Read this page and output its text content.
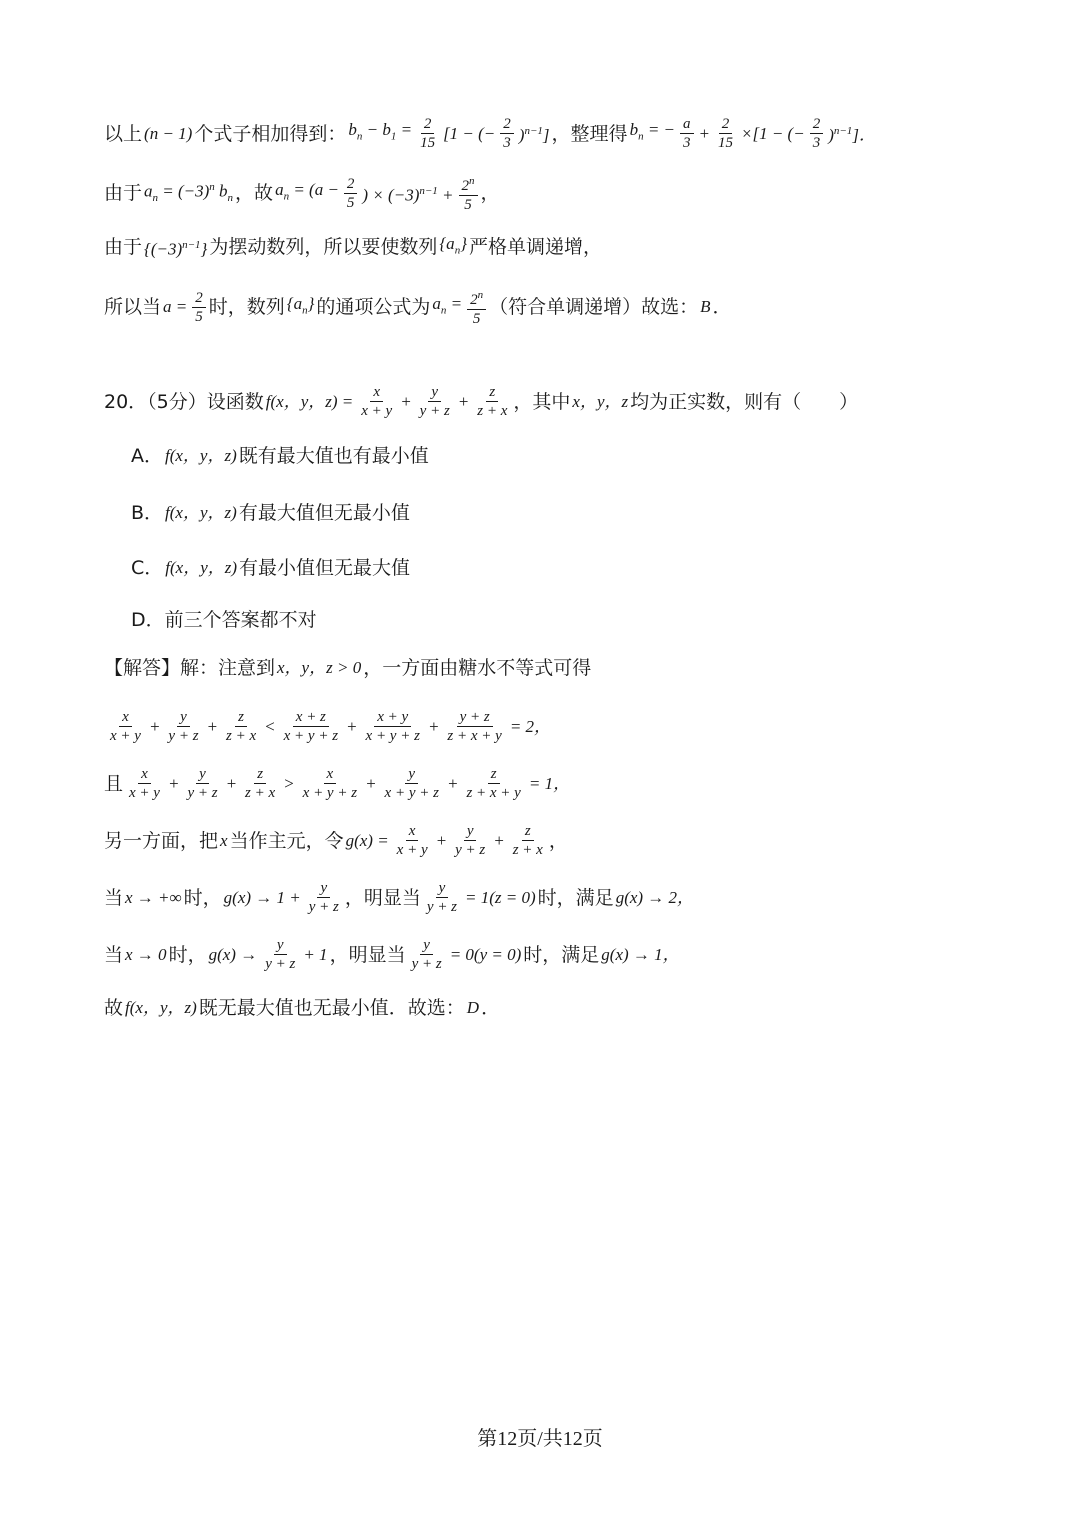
以上 (n − 1) 个式子相加得到： $b_n - b_1 = \frac{2}{15} [1$ − (− $\frac{2}{3} )^{n-1}$] ， 整理得 $b_n$ = − $\frac{a}{3} + \frac{2}{15} \times[1$ − (− $\frac{2}{3} )^{n-1}$]．
由于 $a_n = (-3)^n$ $b_n$ ， 故 $a_n = (a - \frac{2}{5}$ ) × $(-3)^{n-1} + \frac{2^n}{5}$ ，
由于 $\{(-3)^{n-1}\}$ 为摆动数列，所以要使数列 $\{a_n\}$ 严格单调递增，
所以当 $a = \frac{2}{5}$ 时，数列 $\{a_n\}$ 的通项公式为 $a_n = \frac{2^n}{5}$ （符合单调递增）故选： B ．
20．（5分）设函数 f(x，y，$z) = \frac{x}{x + y} + \frac{y}{y + z} + \frac{z}{z + x}$ ，其中 x，y，z 均为正实数，则有（　　）
A． f(x，y，z) 既有最大值也有最小值
B． f(x，y，z) 有最大值但无最小值
C． f(x，y，z) 有最小值但无最大值
D． 前三个答案都不对
【解答】解：注意到 x，y，z > 0 ，一方面由糖水不等式可得
$\frac{x}{x + y} + \frac{y}{y + z} + \frac{z}{z + x} < \frac{x + z}{x + y + z} + \frac{x + y}{x + y + z} + \frac{y + z}{z + x + y} = 2$，
且 $\frac{x}{x + y} + \frac{y}{y + z} + \frac{z}{z + x} > \frac{x}{x + y + z} + \frac{y}{x + y + z} + \frac{z}{z + x + y} = 1$，
另一方面，把 x 当作主元，令 $g(x) = \frac{x}{x + y} + \frac{y}{y + z} + \frac{z}{z + x}$ ，
当 x → +∞ 时， $g(x) \to 1 + \frac{y}{y + z}$ ，明显当 $\frac{y}{y + z} = 1(z = 0)$ 时，满足 g(x) → 2，
当 x → 0 时， $g(x) \to \frac{y}{y + z} + 1$ ，明显当 $\frac{y}{y + z} = 0(y = 0)$ 时，满足 g(x) → 1，
故 f(x，y，z) 既无最大值也无最小值．故选： D ．
第12页/共12页
